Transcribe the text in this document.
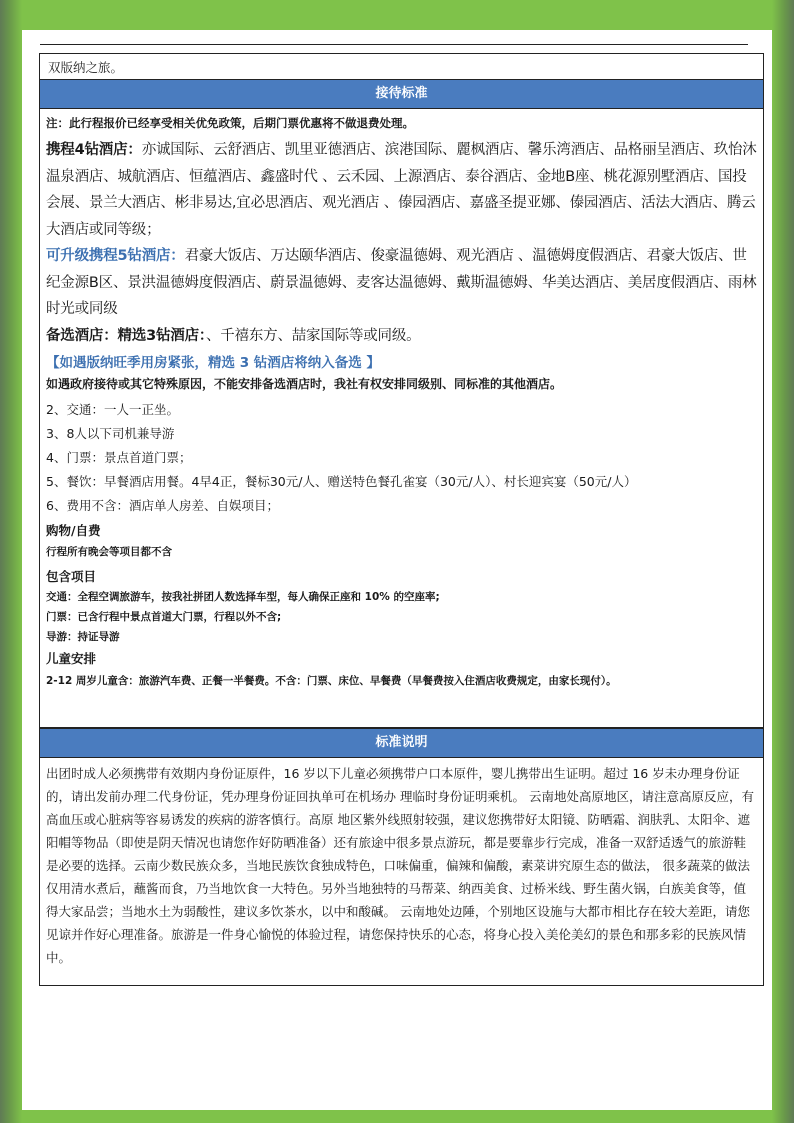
双版纳之旅。
接待标准

注：此行程报价已经享受相关优免政策，后期门票优惠将不做退费处理。

携程4钻酒店：亦诚国际、云舒酒店、凯里亚德酒店、滨港国际、麗枫酒店、馨乐湾酒店、品格丽呈酒店、玖怡沐温泉酒店、城航酒店、恒蕴酒店、鑫盛时代 、云禾园、上源酒店、泰谷酒店、金地B座、桃花源别墅酒店、国投会展、景兰大酒店、彬非易达,宜必思酒店、观光酒店 、傣园酒店、嘉盛圣提亚娜、傣园酒店、活法大酒店、腾云大酒店或同等级；

可升级携程5钻酒店：君豪大饭店、万达颐华酒店、俊豪温德姆、观光酒店 、温德姆度假酒店、君豪大饭店、世纪金源B区、景洪温德姆度假酒店、蔚景温德姆、麦客达温德姆、戴斯温德姆、华美达酒店、美居度假酒店、雨林时光或同级

备选酒店：精选3钻酒店：、千禧东方、喆家国际等或同级。

【如遇版纳旺季用房紧张，精选 3 钻酒店将纳入备选 】

如遇政府接待或其它特殊原因，不能安排备选酒店时，我社有权安排同级别、同标准的其他酒店。

2、交通：一人一正坐。

3、8人以下司机兼导游

4、门票：景点首道门票；

5、餐饮：早餐酒店用餐。4早4正，餐标30元/人、赠送特色餐孔雀宴（30元/人）、村长迎宾宴（50元/人）

6、费用不含：酒店单人房差、自娱项目；

购物/自费

行程所有晚会等项目都不含

包含项目

交通：全程空调旅游车，按我社拼团人数选择车型，每人确保正座和 10% 的空座率;

门票：已含行程中景点首道大门票，行程以外不含;

导游：持证导游

儿童安排

2-12 周岁儿童含：旅游汽车费、正餐一半餐费。不含：门票、床位、早餐费（早餐费按入住酒店收费规定，由家长现付）。

标准说明
出团时成人必须携带有效期内身份证原件，16 岁以下儿童必须携带户口本原件，婴儿携带出生证明。超过 16 岁未办理身份证的，请出发前办理二代身份证，凭办理身份证回执单可在机场办 理临时身份证明乘机。 云南地处高原地区，请注意高原反应，有高血压或心脏病等容易诱发的疾病的游客慎行。高原 地区紫外线照射较强，建议您携带好太阳镜、防晒霜、润肤乳、太阳伞、遮阳帽等物品（即使是阴天情况也请您作好防晒准备）还有旅途中很多景点游玩，都是要靠步行完成，准备一双舒适透气的旅游鞋是必要的选择。云南少数民族众多，当地民族饮食独成特色，口味偏重，偏辣和偏酸，素菜讲究原生态的做法， 很多蔬菜的做法仅用清水煮后，蘸酱而食，乃当地饮食一大特色。另外当地独特的马帮菜、纳西美食、过桥米线、野生菌火锅，白族美食等，值得大家品尝；当地水土为弱酸性，建议多饮茶水，以中和酸碱。 云南地处边陲，个别地区设施与大都市相比存在较大差距，请您见谅并作好心理准备。旅游是一件身心愉悦的体验过程，请您保持快乐的心态，将身心投入美伦美幻的景色和那多彩的民族风情中。
